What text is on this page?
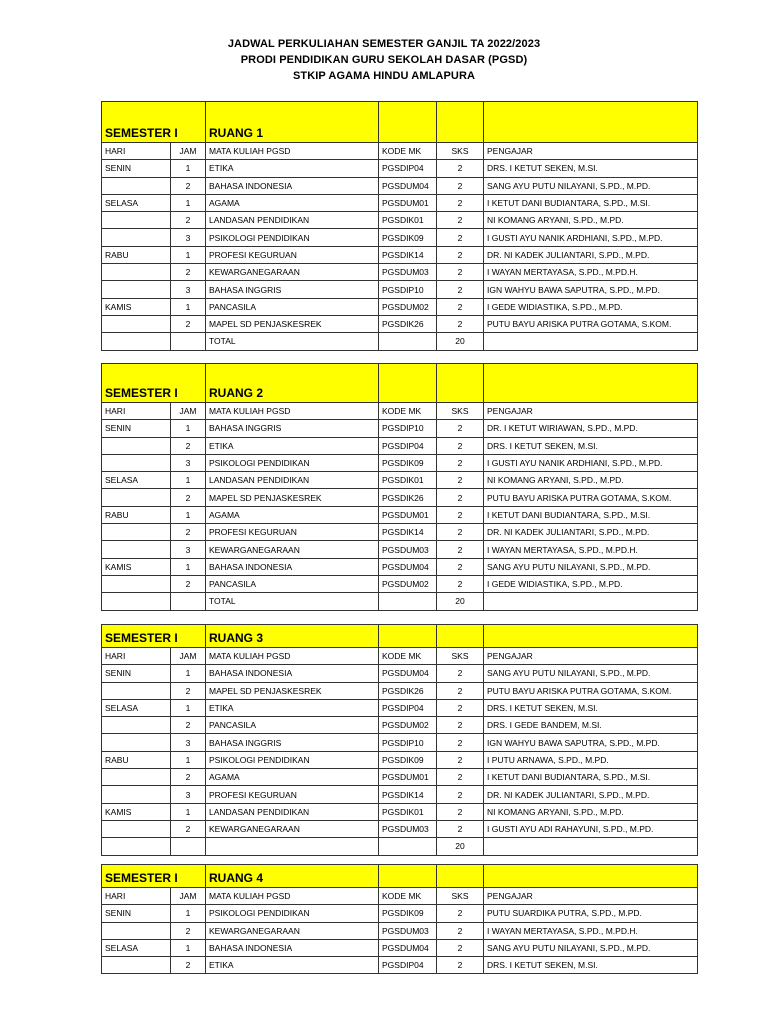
JADWAL PERKULIAHAN SEMESTER GANJIL TA 2022/2023
PRODI PENDIDIKAN GURU SEKOLAH DASAR (PGSD)
STKIP AGAMA HINDU AMLAPURA
SEMESTER I		RUANG 1			
HARI	JAM	MATA KULIAH PGSD	KODE MK	SKS	PENGAJAR
SENIN	1	ETIKA	PGSDIP04	2	DRS. I KETUT SEKEN, M.SI.
	2	BAHASA INDONESIA	PGSDUM04	2	SANG AYU PUTU NILAYANI, S.PD., M.PD.
SELASA	1	AGAMA	PGSDUM01	2	I KETUT DANI BUDIANTARA, S.PD., M.SI.
	2	LANDASAN PENDIDIKAN	PGSDIK01	2	NI KOMANG ARYANI, S.PD., M.PD.
	3	PSIKOLOGI PENDIDIKAN	PGSDIK09	2	I GUSTI AYU NANIK ARDHIANI, S.PD., M.PD.
RABU	1	PROFESI KEGURUAN	PGSDIK14	2	DR. NI KADEK JULIANTARI, S.PD., M.PD.
	2	KEWARGANEGARAAN	PGSDUM03	2	I WAYAN MERTAYASA, S.PD., M.PD.H.
	3	BAHASA INGGRIS	PGSDIP10	2	IGN WAHYU BAWA SAPUTRA, S.PD., M.PD.
KAMIS	1	PANCASILA	PGSDUM02	2	I GEDE WIDIASTIKA, S.PD., M.PD.
	2	MAPEL SD PENJASKESREK	PGSDIK26	2	PUTU BAYU ARISKA PUTRA GOTAMA, S.KOM.
		TOTAL		20	
SEMESTER I		RUANG 2			
HARI	JAM	MATA KULIAH PGSD	KODE MK	SKS	PENGAJAR
SENIN	1	BAHASA INGGRIS	PGSDIP10	2	DR. I KETUT WIRIAWAN, S.PD., M.PD.
	2	ETIKA	PGSDIP04	2	DRS. I KETUT SEKEN, M.SI.
	3	PSIKOLOGI PENDIDIKAN	PGSDIK09	2	I GUSTI AYU NANIK ARDHIANI, S.PD., M.PD.
SELASA	1	LANDASAN PENDIDIKAN	PGSDIK01	2	NI KOMANG ARYANI, S.PD., M.PD.
	2	MAPEL SD PENJASKESREK	PGSDIK26	2	PUTU BAYU ARISKA PUTRA GOTAMA, S.KOM.
RABU	1	AGAMA	PGSDUM01	2	I KETUT DANI BUDIANTARA, S.PD., M.SI.
	2	PROFESI KEGURUAN	PGSDIK14	2	DR. NI KADEK JULIANTARI, S.PD., M.PD.
	3	KEWARGANEGARAAN	PGSDUM03	2	I WAYAN MERTAYASA, S.PD., M.PD.H.
KAMIS	1	BAHASA INDONESIA	PGSDUM04	2	SANG AYU PUTU NILAYANI, S.PD., M.PD.
	2	PANCASILA	PGSDUM02	2	I GEDE WIDIASTIKA, S.PD., M.PD.
		TOTAL		20	
SEMESTER I		RUANG 3			
HARI	JAM	MATA KULIAH PGSD	KODE MK	SKS	PENGAJAR
SENIN	1	BAHASA INDONESIA	PGSDUM04	2	SANG AYU PUTU NILAYANI, S.PD., M.PD.
	2	MAPEL SD PENJASKESREK	PGSDIK26	2	PUTU BAYU ARISKA PUTRA GOTAMA, S.KOM.
SELASA	1	ETIKA	PGSDIP04	2	DRS. I KETUT SEKEN, M.SI.
	2	PANCASILA	PGSDUM02	2	DRS. I GEDE BANDEM, M.SI.
	3	BAHASA INGGRIS	PGSDIP10	2	IGN WAHYU BAWA SAPUTRA, S.PD., M.PD.
RABU	1	PSIKOLOGI PENDIDIKAN	PGSDIK09	2	I PUTU ARNAWA, S.PD., M.PD.
	2	AGAMA	PGSDUM01	2	I KETUT DANI BUDIANTARA, S.PD., M.SI.
	3	PROFESI KEGURUAN	PGSDIK14	2	DR. NI KADEK JULIANTARI, S.PD., M.PD.
KAMIS	1	LANDASAN PENDIDIKAN	PGSDIK01	2	NI KOMANG ARYANI, S.PD., M.PD.
	2	KEWARGANEGARAAN	PGSDUM03	2	I GUSTI AYU ADI RAHAYUNI, S.PD., M.PD.
				20	
SEMESTER I		RUANG 4			
HARI	JAM	MATA KULIAH PGSD	KODE MK	SKS	PENGAJAR
SENIN	1	PSIKOLOGI PENDIDIKAN	PGSDIK09	2	PUTU SUARDIKA PUTRA, S.PD., M.PD.
	2	KEWARGANEGARAAN	PGSDUM03	2	I WAYAN MERTAYASA, S.PD., M.PD.H.
SELASA	1	BAHASA INDONESIA	PGSDUM04	2	SANG AYU PUTU NILAYANI, S.PD., M.PD.
	2	ETIKA	PGSDIP04	2	DRS. I KETUT SEKEN, M.SI.
